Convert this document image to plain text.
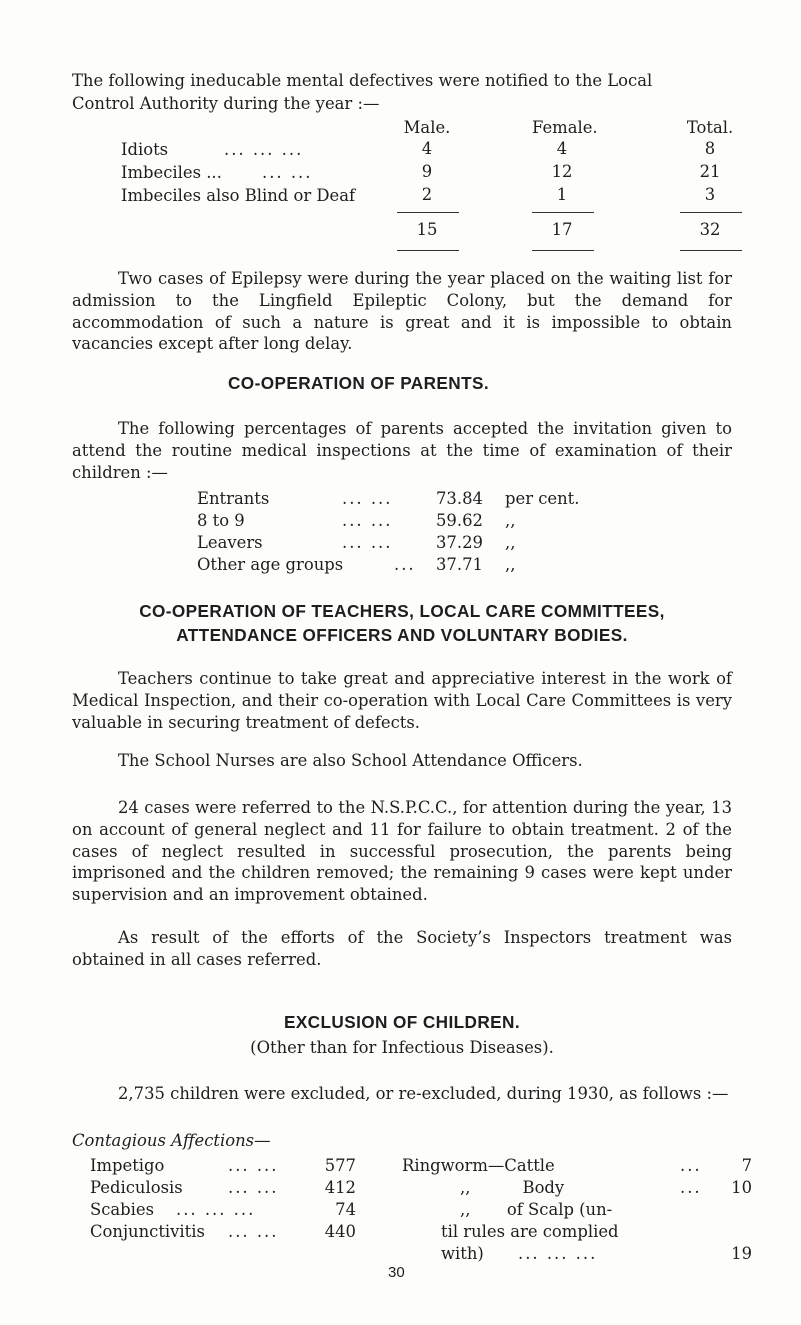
The following ineducable mental defectives were notified to the Local
Control Authority during the year :—
Male.	Female.	Total.
Idiots	... ... ...	4	4	8
Imbeciles ... ... ...	9	12	21
Imbeciles also Blind or Deaf	2	1	3
15	17	32
Two cases of Epilepsy were during the year placed on the waiting list for admission to the Lingfield Epileptic Colony, but the demand for accommodation of such a nature is great and it is impossible to obtain vacancies except after long delay.
CO-OPERATION OF PARENTS.
The following percentages of parents accepted the invitation given to attend the routine medical inspections at the time of examination of their children :—
Entrants	... ...	73.84 per cent.
8 to 9	... ...	59.62 ,,
Leavers	... ...	37.29 ,,
Other age groups	... 37.71 ,,
CO-OPERATION OF TEACHERS, LOCAL CARE COMMITTEES,
ATTENDANCE OFFICERS AND VOLUNTARY BODIES.
Teachers continue to take great and appreciative interest in the work of Medical Inspection, and their co-operation with Local Care Committees is very valuable in securing treatment of defects.
The School Nurses are also School Attendance Officers.
24 cases were referred to the N.S.P.C.C., for attention during the year, 13 on account of general neglect and 11 for failure to obtain treatment. 2 of the cases of neglect resulted in successful prosecution, the parents being imprisoned and the children removed; the remaining 9 cases were kept under supervision and an improvement obtained.
As result of the efforts of the Society’s Inspectors treatment was obtained in all cases referred.
EXCLUSION OF CHILDREN.
(Other than for Infectious Diseases).
2,735 children were excluded, or re-excluded, during 1930, as follows :—
Contagious Affections—
Impetigo	... ...	577
Pediculosis	... ...	412
Scabies ... ... ...	74
Conjunctivitis ... ...	440
Ringworm—Cattle	...	7
,,          Body	...	10
,,       of Scalp (un-
til rules are complied
with) ... ... ...	19
30
